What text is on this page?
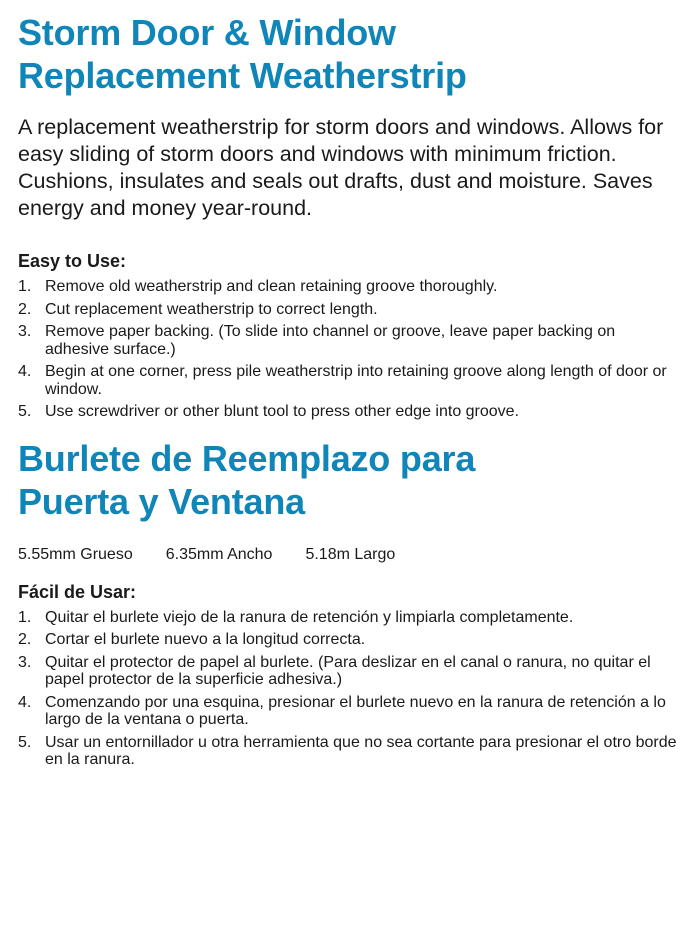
Storm Door & Window
Replacement Weatherstrip

A replacement weatherstrip for storm doors and windows. Allows for easy sliding of storm doors and windows with minimum friction. Cushions, insulates and seals out drafts, dust and moisture. Saves energy and money year-round.

Easy to Use:
1. Remove old weatherstrip and clean retaining groove thoroughly.
2. Cut replacement weatherstrip to correct length.
3. Remove paper backing. (To slide into channel or groove, leave paper backing on adhesive surface.)
4. Begin at one corner, press pile weatherstrip into retaining groove along length of door or window.
5. Use screwdriver or other blunt tool to press other edge into groove.
Burlete de Reemplazo para
Puerta y Ventana

5.55mm Grueso 6.35mm Ancho 5.18m Largo

Fácil de Usar:
1. Quitar el burlete viejo de la ranura de retención y limpiarla completamente.
2. Cortar el burlete nuevo a la longitud correcta.
3. Quitar el protector de papel al burlete. (Para deslizar en el canal o ranura, no quitar el papel protector de la superficie adhesiva.)
4. Comenzando por una esquina, presionar el burlete nuevo en la ranura de retención a lo largo de la ventana o puerta.
5. Usar un entornillador u otra herramienta que no sea cortante para presionar el otro borde en la ranura.
